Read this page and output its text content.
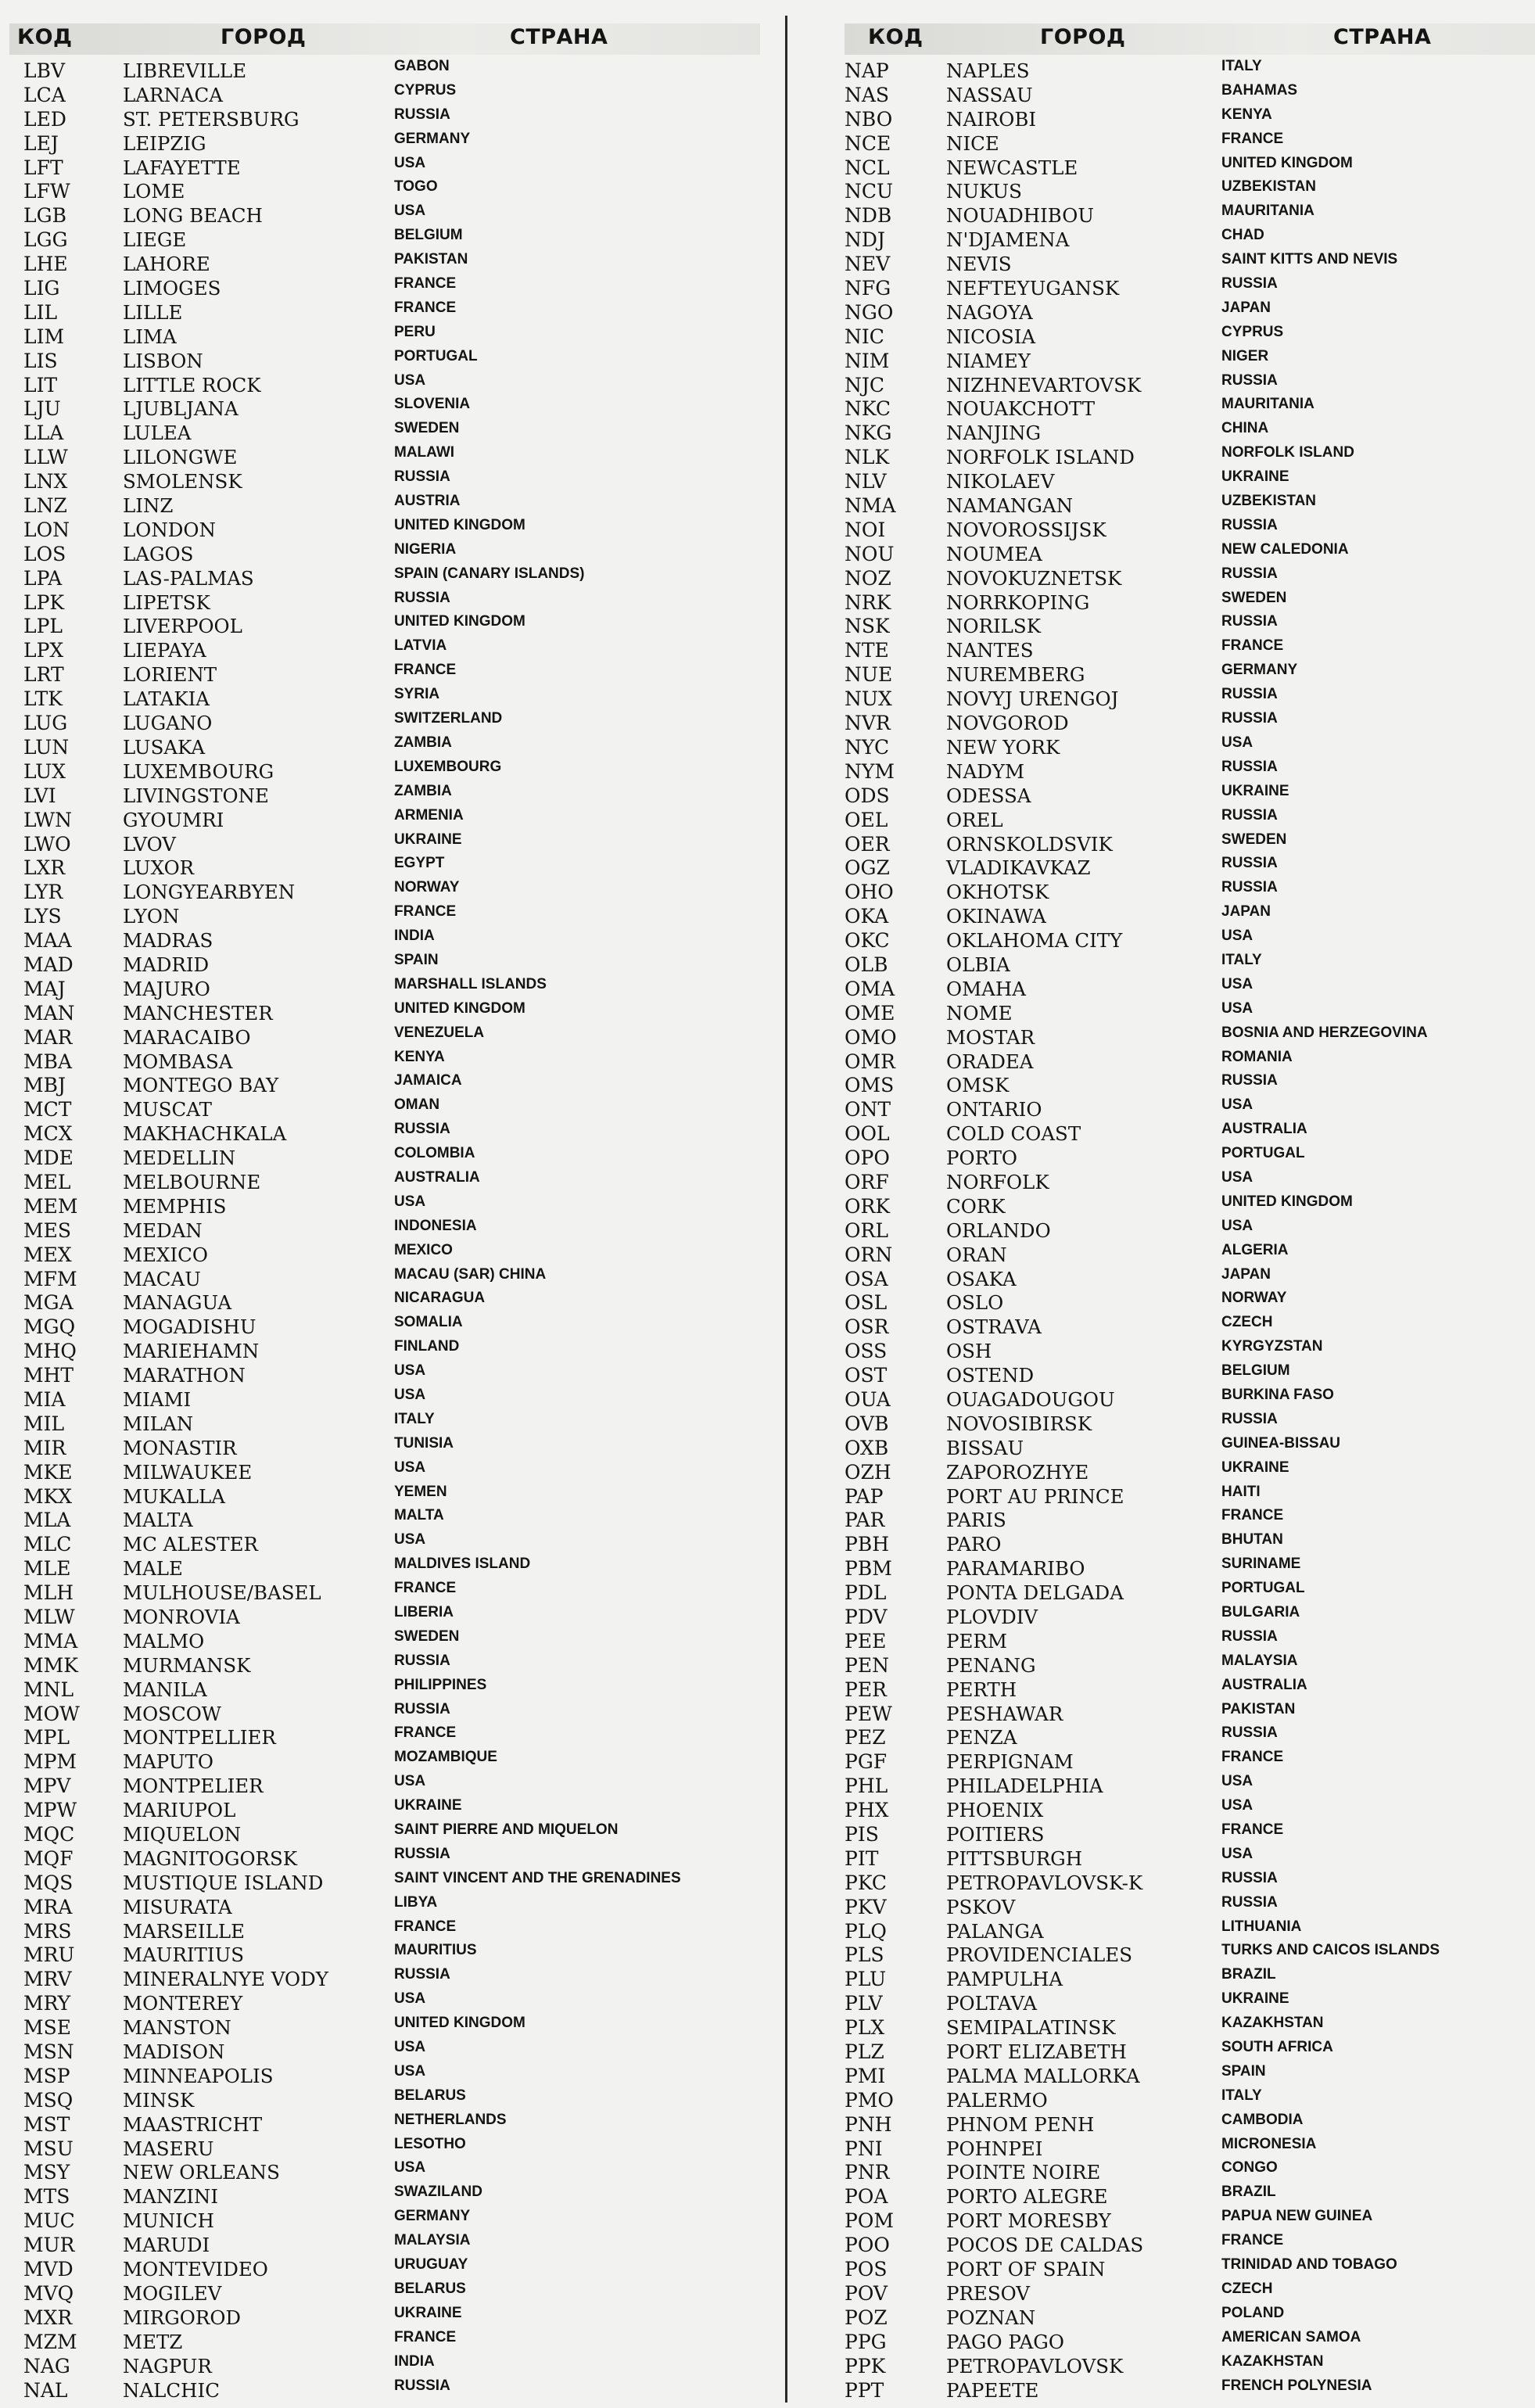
КОД	ГОРОД	СТРАНА
LBV	LIBREVILLE	GABON
LCA	LARNACA	CYPRUS
LED	ST. PETERSBURG	RUSSIA
LEJ	LEIPZIG	GERMANY
LFT	LAFAYETTE	USA
LFW	LOME	TOGO
LGB	LONG BEACH	USA
LGG	LIEGE	BELGIUM
LHE	LAHORE	PAKISTAN
LIG	LIMOGES	FRANCE
LIL	LILLE	FRANCE
LIM	LIMA	PERU
LIS	LISBON	PORTUGAL
LIT	LITTLE ROCK	USA
LJU	LJUBLJANA	SLOVENIA
LLA	LULEA	SWEDEN
LLW	LILONGWE	MALAWI
LNX	SMOLENSK	RUSSIA
LNZ	LINZ	AUSTRIA
LON	LONDON	UNITED KINGDOM
LOS	LAGOS	NIGERIA
LPA	LAS-PALMAS	SPAIN (CANARY ISLANDS)
LPK	LIPETSK	RUSSIA
LPL	LIVERPOOL	UNITED KINGDOM
LPX	LIEPAYA	LATVIA
LRT	LORIENT	FRANCE
LTK	LATAKIA	SYRIA
LUG	LUGANO	SWITZERLAND
LUN	LUSAKA	ZAMBIA
LUX	LUXEMBOURG	LUXEMBOURG
LVI	LIVINGSTONE	ZAMBIA
LWN	GYOUMRI	ARMENIA
LWO	LVOV	UKRAINE
LXR	LUXOR	EGYPT
LYR	LONGYEARBYEN	NORWAY
LYS	LYON	FRANCE
MAA	MADRAS	INDIA
MAD	MADRID	SPAIN
MAJ	MAJURO	MARSHALL ISLANDS
MAN	MANCHESTER	UNITED KINGDOM
MAR	MARACAIBO	VENEZUELA
MBA	MOMBASA	KENYA
MBJ	MONTEGO BAY	JAMAICA
MCT	MUSCAT	OMAN
MCX	MAKHACHKALA	RUSSIA
MDE	MEDELLIN	COLOMBIA
MEL	MELBOURNE	AUSTRALIA
MEM MEMPHIS	USA
MES	MEDAN	INDONESIA
MEX	MEXICO	MEXICO
MFM MACAU	MACAU (SAR) CHINA
MGA	MANAGUA	NICARAGUA
MGQ MOGADISHU	SOMALIA
MHQ MARIEHAMN	FINLAND
MHT	MARATHON	USA
MIA	MIAMI	USA
MIL	MILAN	ITALY
MIR	MONASTIR	TUNISIA
MKE	MILWAUKEE	USA
MKX	MUKALLA	YEMEN
MLA	MALTA	MALTA
MLC	MC ALESTER	USA
MLE	MALE	MALDIVES ISLAND
MLH	MULHOUSE/BASEL	FRANCE
MLW	MONROVIA	LIBERIA
MMA MALMO	SWEDEN
MMK MURMANSK	RUSSIA
MNL	MANILA	PHILIPPINES
MOW MOSCOW	RUSSIA
MPL	MONTPELLIER	FRANCE
MPM MAPUTO	MOZAMBIQUE
MPV	MONTPELIER	USA
MPW MARIUPOL	UKRAINE
MQC	MIQUELON	SAINT PIERRE AND MIQUELON
MQF	MAGNITOGORSK	RUSSIA
MQS	MUSTIQUE ISLAND	SAINT VINCENT AND THE GRENADINES
MRA	MISURATA	LIBYA
MRS	MARSEILLE	FRANCE
MRU	MAURITIUS	MAURITIUS
MRV	MINERALNYE VODY	RUSSIA
MRY	MONTEREY	USA
MSE	MANSTON	UNITED KINGDOM
MSN	MADISON	USA
MSP	MINNEAPOLIS	USA
MSQ	MINSK	BELARUS
MST	MAASTRICHT	NETHERLANDS
MSU	MASERU	LESOTHO
MSY	NEW ORLEANS	USA
MTS	MANZINI	SWAZILAND
MUC MUNICH	GERMANY
MUR	MARUDI	MALAYSIA
MVD	MONTEVIDEO	URUGUAY
MVQ	MOGILEV	BELARUS
MXR	MIRGOROD	UKRAINE
MZM METZ	FRANCE
NAG	NAGPUR	INDIA
NAL	NALCHIC	RUSSIA
КОД	ГОРОД	СТРАНА
NAP	NAPLES	ITALY
NAS	NASSAU	BAHAMAS
NBO	NAIROBI	KENYA
NCE	NICE	FRANCE
NCL	NEWCASTLE	UNITED KINGDOM
NCU	NUKUS	UZBEKISTAN
NDB	NOUADHIBOU	MAURITANIA
NDJ	N'DJAMENA	CHAD
NEV	NEVIS	SAINT KITTS AND NEVIS
NFG	NEFTEYUGANSK	RUSSIA
NGO	NAGOYA	JAPAN
NIC	NICOSIA	CYPRUS
NIM	NIAMEY	NIGER
NJC	NIZHNEVARTOVSK	RUSSIA
NKC	NOUAKCHOTT	MAURITANIA
NKG	NANJING	CHINA
NLK	NORFOLK ISLAND	NORFOLK ISLAND
NLV	NIKOLAEV	UKRAINE
NMA	NAMANGAN	UZBEKISTAN
NOI	NOVOROSSIJSK	RUSSIA
NOU	NOUMEA	NEW CALEDONIA
NOZ	NOVOKUZNETSK	RUSSIA
NRK	NORRKOPING	SWEDEN
NSK	NORILSK	RUSSIA
NTE	NANTES	FRANCE
NUE	NUREMBERG	GERMANY
NUX	NOVYJ URENGOJ	RUSSIA
NVR	NOVGOROD	RUSSIA
NYC	NEW YORK	USA
NYM	NADYM	RUSSIA
ODS	ODESSA	UKRAINE
OEL	OREL	RUSSIA
OER	ORNSKOLDSVIK	SWEDEN
OGZ	VLADIKAVKAZ	RUSSIA
OHO	OKHOTSK	RUSSIA
OKA	OKINAWA	JAPAN
OKC	OKLAHOMA CITY	USA
OLB	OLBIA	ITALY
OMA	OMAHA	USA
OME	NOME	USA
OMO	MOSTAR	BOSNIA AND HERZEGOVINA
OMR	ORADEA	ROMANIA
OMS	OMSK	RUSSIA
ONT	ONTARIO	USA
OOL	COLD COAST	AUSTRALIA
OPO	PORTO	PORTUGAL
ORF	NORFOLK	USA
ORK	CORK	UNITED KINGDOM
ORL	ORLANDO	USA
ORN	ORAN	ALGERIA
OSA	OSAKA	JAPAN
OSL	OSLO	NORWAY
OSR	OSTRAVA	CZECH
OSS	OSH	KYRGYZSTAN
OST	OSTEND	BELGIUM
OUA	OUAGADOUGOU	BURKINA FASO
OVB	NOVOSIBIRSK	RUSSIA
OXB	BISSAU	GUINEA-BISSAU
OZH	ZAPOROZHYE	UKRAINE
PAP	PORT AU PRINCE	HAITI
PAR	PARIS	FRANCE
PBH	PARO	BHUTAN
PBM	PARAMARIBO	SURINAME
PDL	PONTA DELGADA	PORTUGAL
PDV	PLOVDIV	BULGARIA
PEE	PERM	RUSSIA
PEN	PENANG	MALAYSIA
PER	PERTH	AUSTRALIA
PEW	PESHAWAR	PAKISTAN
PEZ	PENZA	RUSSIA
PGF	PERPIGNAM	FRANCE
PHL	PHILADELPHIA	USA
PHX	PHOENIX	USA
PIS	POITIERS	FRANCE
PIT	PITTSBURGH	USA
PKC	PETROPAVLOVSK-K	RUSSIA
PKV	PSKOV	RUSSIA
PLQ	PALANGA	LITHUANIA
PLS	PROVIDENCIALES	TURKS AND CAICOS ISLANDS
PLU	PAMPULHA	BRAZIL
PLV	POLTAVA	UKRAINE
PLX	SEMIPALATINSK	KAZAKHSTAN
PLZ	PORT ELIZABETH	SOUTH AFRICA
PMI	PALMA MALLORKA	SPAIN
PMO	PALERMO	ITALY
PNH	PHNOM PENH	CAMBODIA
PNI	POHNPEI	MICRONESIA
PNR	POINTE NOIRE	CONGO
POA	PORTO ALEGRE	BRAZIL
POM	PORT MORESBY	PAPUA NEW GUINEA
POO	POCOS DE CALDAS	FRANCE
POS	PORT OF SPAIN	TRINIDAD AND TOBAGO
POV	PRESOV	CZECH
POZ	POZNAN	POLAND
PPG	PAGO PAGO	AMERICAN SAMOA
PPK	PETROPAVLOVSK	KAZAKHSTAN
PPT	PAPEETE	FRENCH POLYNESIA
